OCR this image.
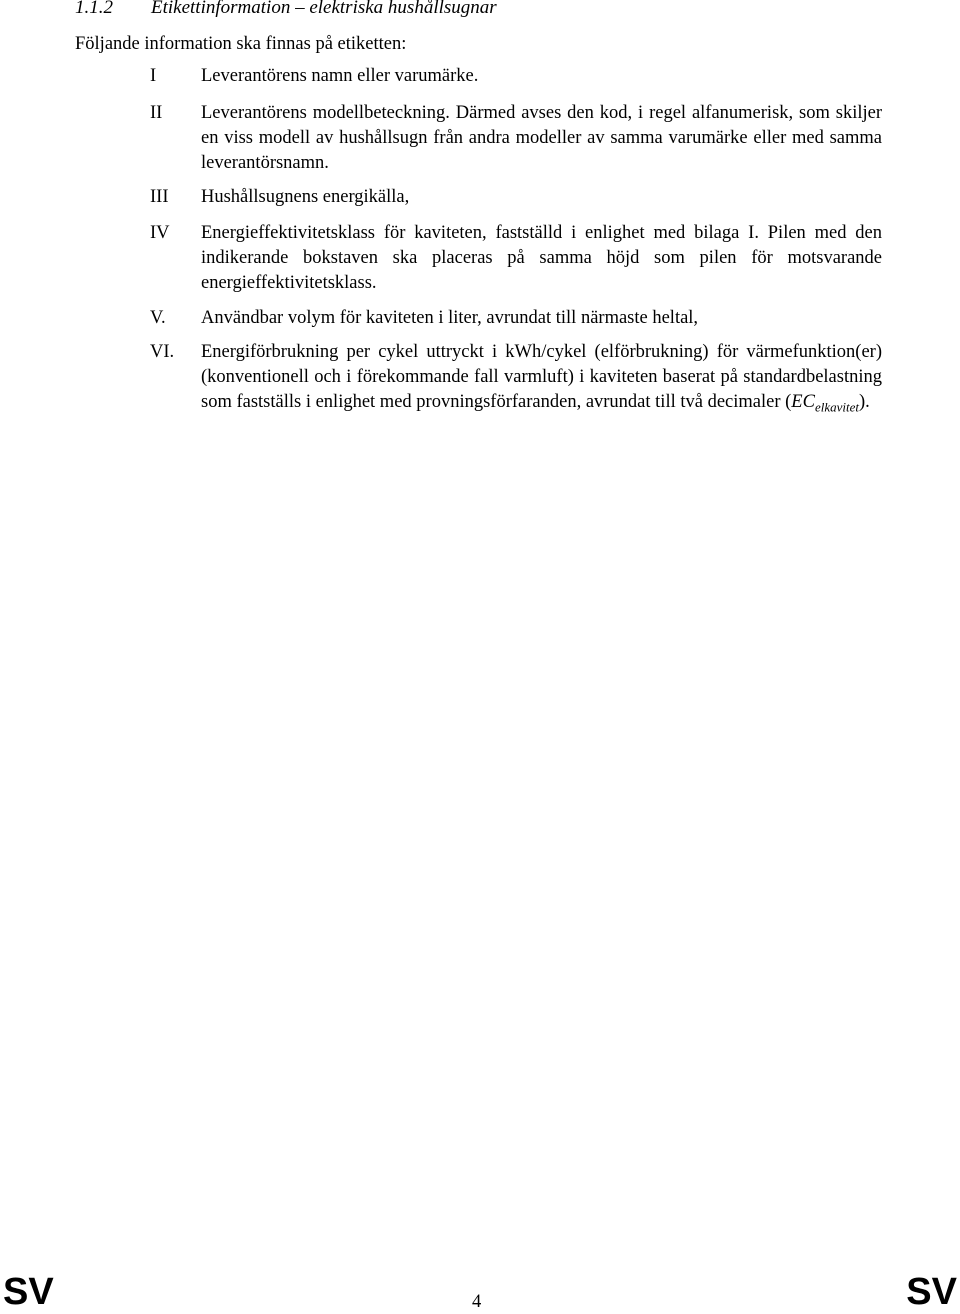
1.1.2 Etikettinformation – elektriska hushållsugnar
Följande information ska finnas på etiketten:
I Leverantörens namn eller varumärke.
II Leverantörens modellbeteckning. Därmed avses den kod, i regel alfanumerisk, som skiljer en viss modell av hushållsugn från andra modeller av samma varumärke eller med samma leverantörsnamn.
III Hushållsugnens energikälla,
IV Energieffektivitetsklass för kaviteten, fastställd i enlighet med bilaga I. Pilen med den indikerande bokstaven ska placeras på samma höjd som pilen för motsvarande energieffektivitetsklass.
V. Användbar volym för kaviteten i liter, avrundat till närmaste heltal,
VI. Energiförbrukning per cykel uttryckt i kWh/cykel (elförbrukning) för värmefunktion(er) (konventionell och i förekommande fall varmluft) i kaviteten baserat på standardbelastning som fastställs i enlighet med provningsförfaranden, avrundat till två decimaler $(EC_{elkavitet})$.
SV	4	SV
